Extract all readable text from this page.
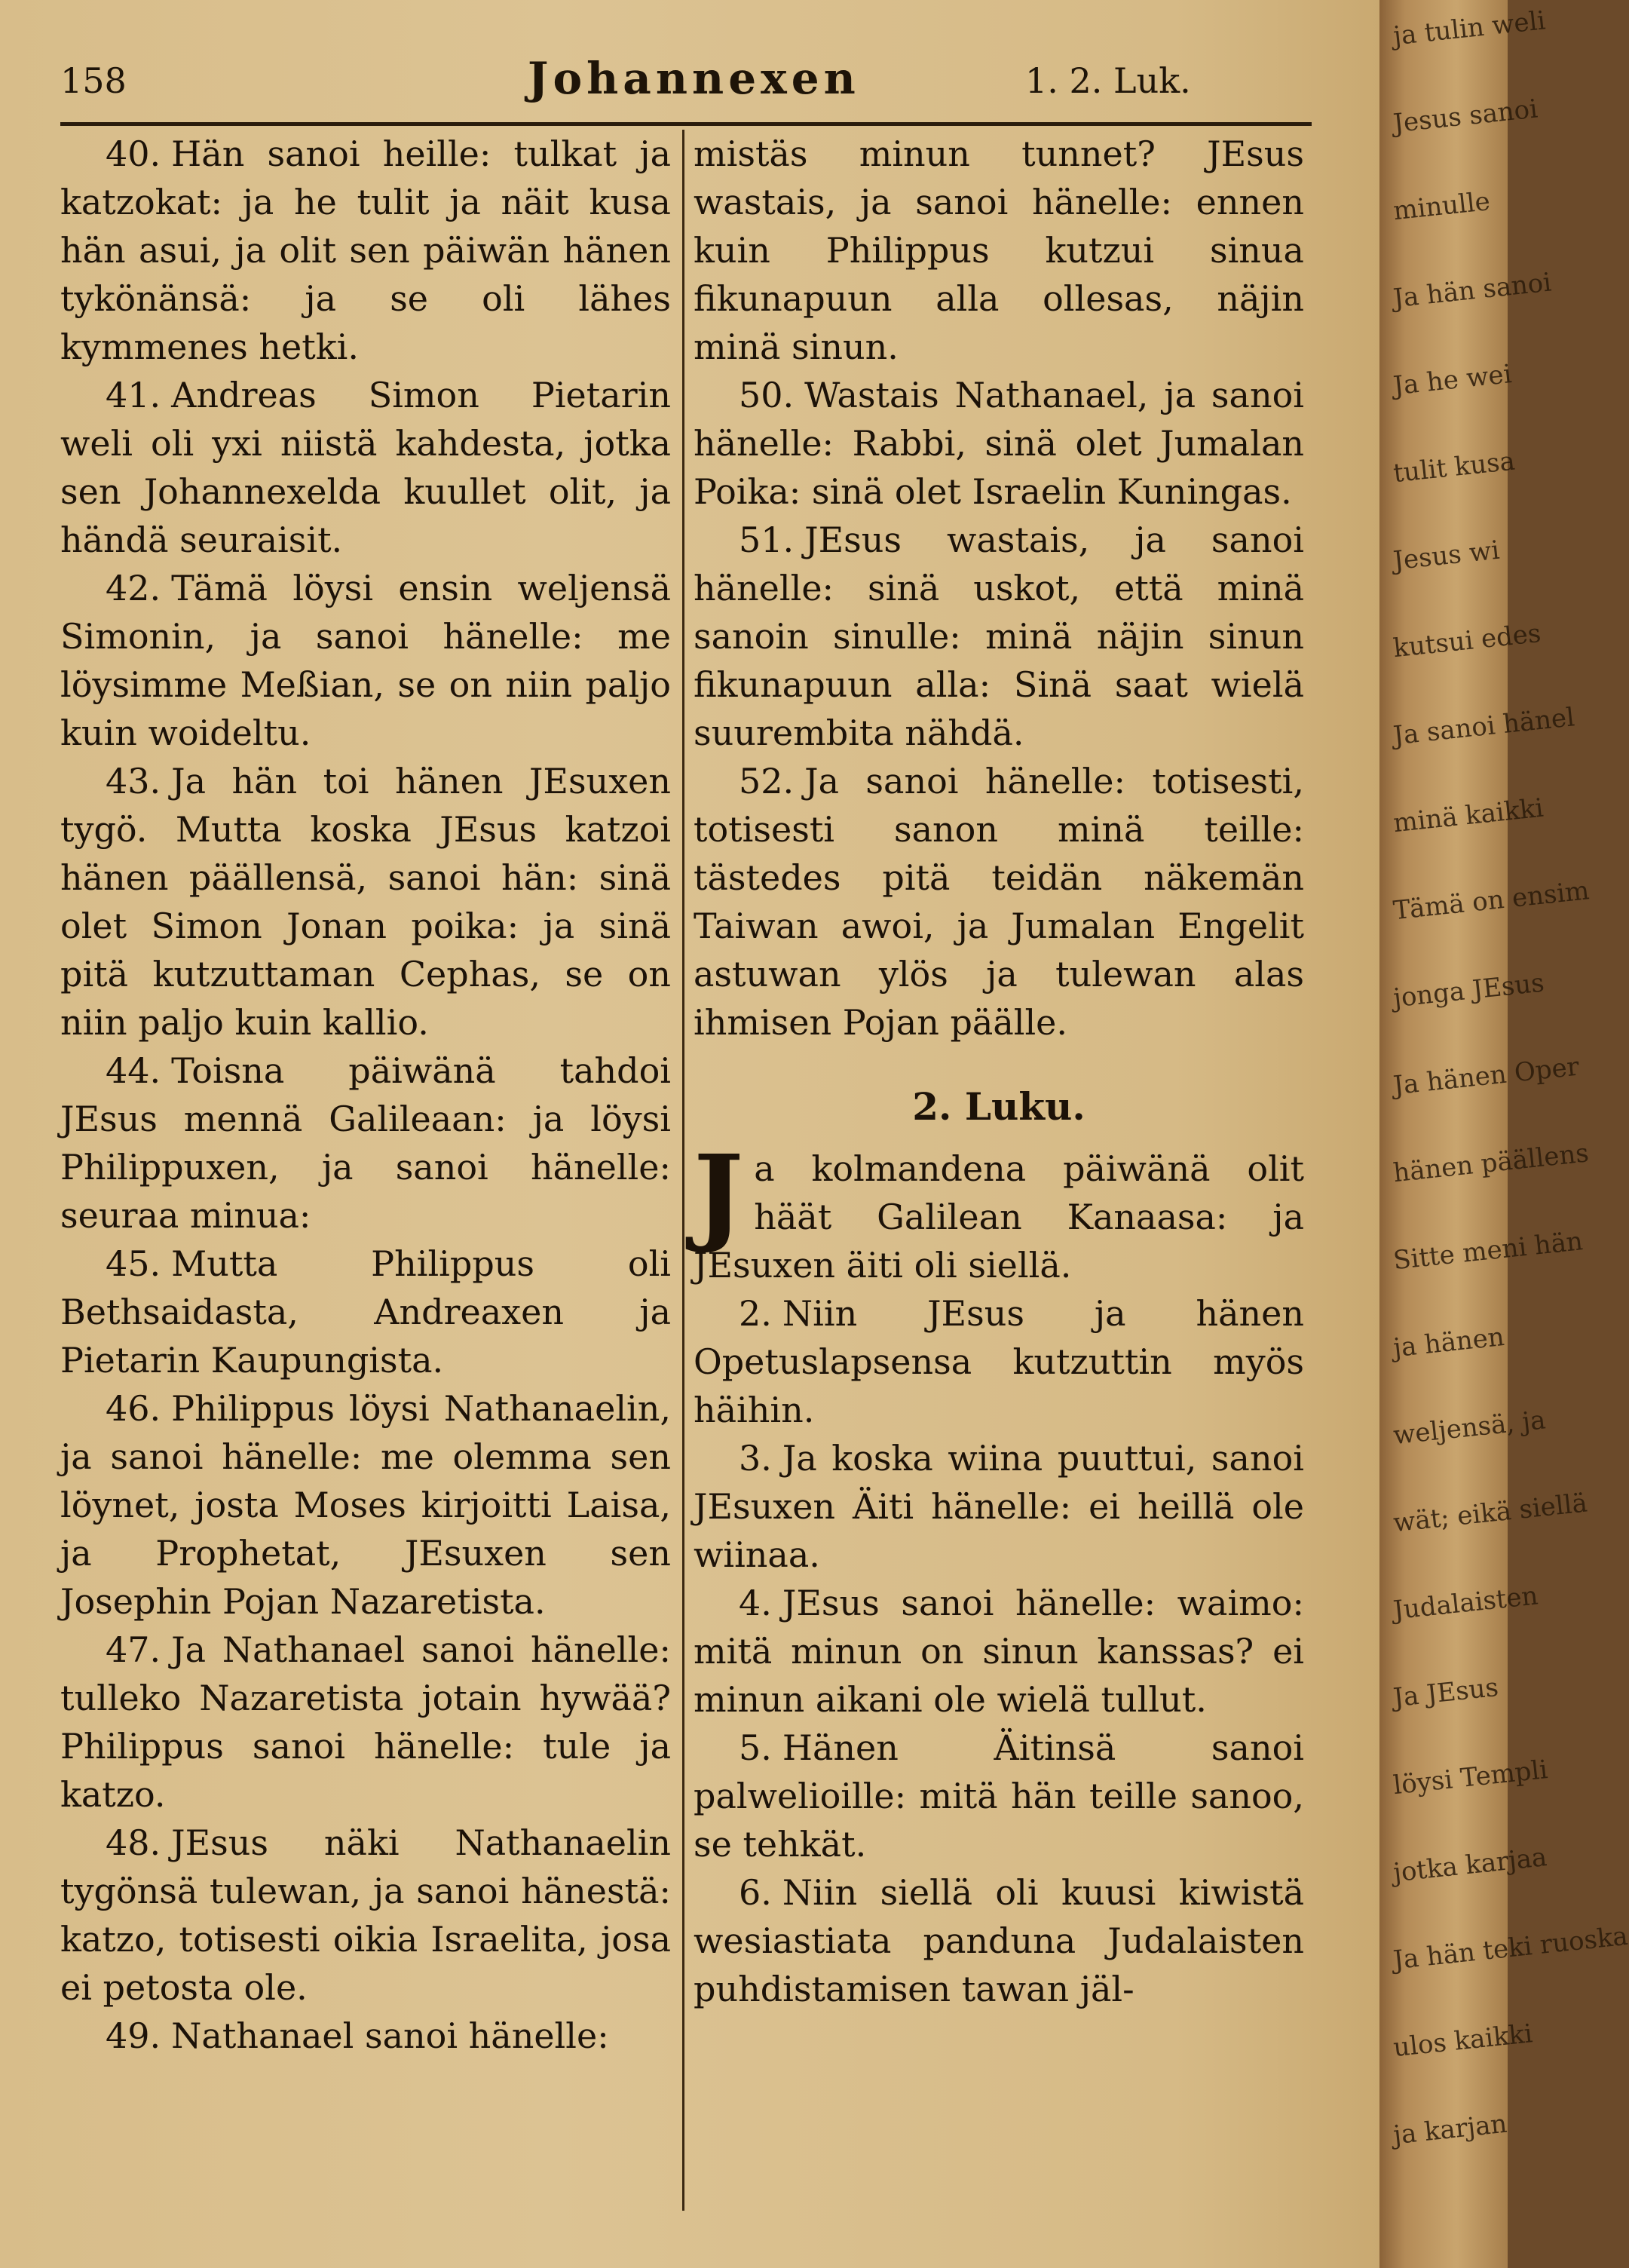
158	Johannexen	1. 2. Luk.

40. Hän sanoi heille: tulkat ja katzokat: ja he tulit ja näit kusa hän asui, ja olit sen päiwän hänen tykönänsä: ja se oli lähes kymmenes hetki.

41. Andreas Simon Pietarin weli oli yxi niistä kahdesta, jotka sen Johannexelda kuullet olit, ja händä seuraisit.

42. Tämä löysi ensin weljensä Simonin, ja sanoi hänelle: me löysimme Meßian, se on niin paljo kuin woideltu.

43. Ja hän toi hänen JEsuxen tygö. Mutta koska JEsus katzoi hänen päällensä, sanoi hän: sinä olet Simon Jonan poika: ja sinä pitä kutzuttaman Cephas, se on niin paljo kuin kallio.

44. Toisna päiwänä tahdoi JEsus mennä Galileaan: ja löysi Philippuxen, ja sanoi hänelle: seuraa minua:

45. Mutta Philippus oli Bethsaidasta, Andreaxen ja Pietarin Kaupungista.

46. Philippus löysi Nathanaelin, ja sanoi hänelle: me olemma sen löynet, josta Moses kirjoitti Laisa, ja Prophetat, JEsuxen sen Josephin Pojan Nazaretista.

47. Ja Nathanael sanoi hänelle: tulleko Nazaretista jotain hywää? Philippus sanoi hänelle: tule ja katzo.

48. JEsus näki Nathanaelin tygönsä tulewan, ja sanoi hänestä: katzo, totisesti oikia Israelita, josa ei petosta ole.

49. Nathanael sanoi hänelle:

mistäs minun tunnet? JEsus wastais, ja sanoi hänelle: ennen kuin Philippus kutzui sinua fikunapuun alla ollesas, näjin minä sinun.

50. Wastais Nathanael, ja sanoi hänelle: Rabbi, sinä olet Jumalan Poika: sinä olet Israelin Kuningas.

51. JEsus wastais, ja sanoi hänelle: sinä uskot, että minä sanoin sinulle: minä näjin sinun fikunapuun alla: Sinä saat wielä suurembita nähdä.

52. Ja sanoi hänelle: totisesti, totisesti sanon minä teille: tästedes pitä teidän näkemän Taiwan awoi, ja Jumalan Engelit astuwan ylös ja tulewan alas ihmisen Pojan päälle.

2. Luku.

Ja kolmandena päiwänä olit häät Galilean Kanaasa: ja JEsuxen äiti oli siellä.

2. Niin JEsus ja hänen Opetuslapsensa kutzuttin myös häihin.

3. Ja koska wiina puuttui, sanoi JEsuxen Äiti hänelle: ei heillä ole wiinaa.

4. JEsus sanoi hänelle: waimo: mitä minun on sinun kanssas? ei minun aikani ole wielä tullut.

5. Hänen Äitinsä sanoi palwelioille: mitä hän teille sanoo, se tehkät.

6. Niin siellä oli kuusi kiwistä wesiastiata panduna Judalaisten puhdistamisen tawan jäl-

ja tulin weli
Jesus sanoi
minulle
Ja hän sanoi
Ja he wei
tulit kusa
Jesus wi
kutsui edes
Ja sanoi hänel
minä kaikki
Tämä on ensim
jonga JEsus
Ja hänen Oper
hänen päällens
Sitte meni hän
ja hänen
weljensä, ja
wät; eikä siellä
Judalaisten
Ja JEsus
löysi Templi
jotka karjaa
Ja hän teki ruoska
ulos kaikki
ja karjan
